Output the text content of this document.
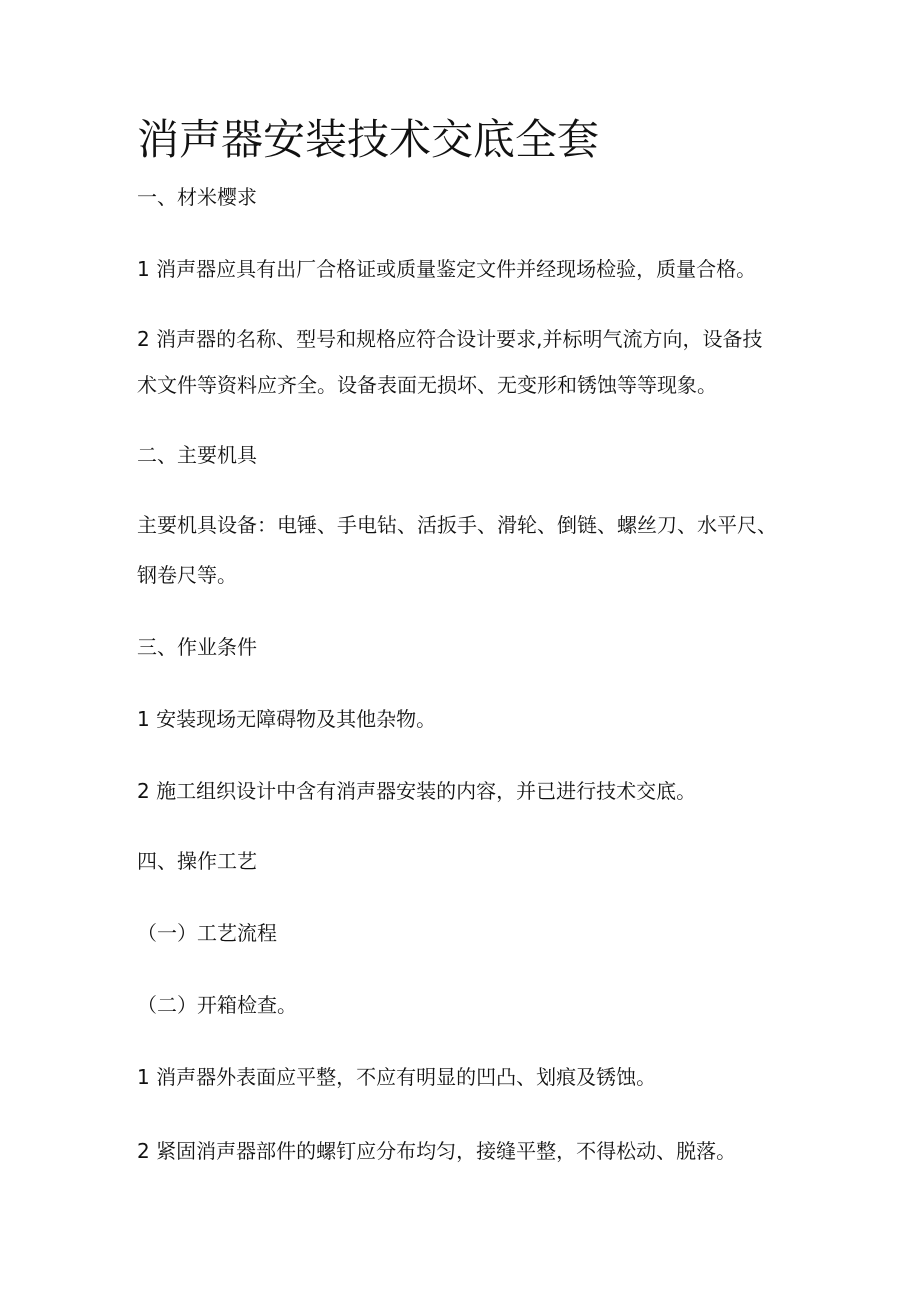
消声器安装技术交底全套

一、材米樱求

1 消声器应具有出厂合格证或质量鉴定文件并经现场检验，质量合格。

2 消声器的名称、型号和规格应符合设计要求,并标明气流方向，设备技

术文件等资料应齐全。设备表面无损坏、无变形和锈蚀等等现象。

二、主要机具

主要机具设备：电锤、手电钻、活扳手、滑轮、倒链、螺丝刀、水平尺、

钢卷尺等。

三、作业条件

1 安装现场无障碍物及其他杂物。

2 施工组织设计中含有消声器安装的内容，并已进行技术交底。

四、操作工艺

（一）工艺流程

（二）开箱检查。

1 消声器外表面应平整，不应有明显的凹凸、划痕及锈蚀。

2 紧固消声器部件的螺钉应分布均匀，接缝平整，不得松动、脱落。
